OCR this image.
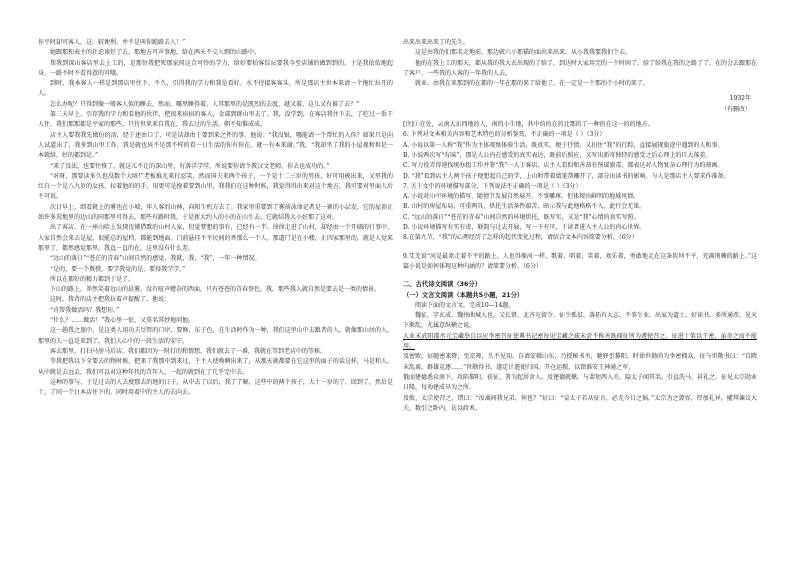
你平时却可客人，这，较便利，并不是叫你跪路去人！”

她跟那和表主的社虑谈好了去。那地方可声事地，给在两天不交人细的山路中。

帮我到深山客店里去上工的，是那位我把死那家伺这合可怜的学力，给好要拍客综坛要我今至店铺的做到到的。于是我依依地起身，一路不时不看得意的可哦。

到时，我本客人一样是到那店里住下。不久，引得我的学力和我是看好，水不待接客客头，所是那店主世本来请一个拖忙拉开的人。

怎么办呢？只得到像一般客人似的睡去，然而，哪里睡得着。人其那里的是凯烈的去度，越又着，这儿又有谁了去？”

第二天早上，引存我的学力和看他的伙伴，把很来宿宿的客人，金部到群山里去了。我，没学到，在客店我住下去，了吃过一饭干人住，我们那那都是平家的那些，只待世来来自我在，我去过的生活，朝不知惟成成。

店主人要我我先做份的活，经于述由口了，可是话却由于要到来之件的事。他说：“我没银，哪能请一个帮忙的人你？如果只是向人试道出了，我多到山里工作，我是就也该不是那不样的看一日生活的你有你在，就一有本来谢。”我，“我却坐了我的小屋视和担是一本就给，好的都到是。”

“来了没法，也要往恢了。就这儿不让的深山里，有落洋学堂，所说要你请个教汉文老师，你去也成功的。”

“对呀，那要读多久也没数个大咯!”老板推尤来打忍笑，然而国夫来两个孩子，一个是十二三岁的男孩，好可用被出来，又里我的红白一个是八九岁的女孩，拉着他的的手，用更可是挽着要到山里，我我们在这种时候，我觉得得出来对这个地方，我可要对里面人后不可说。

次日早上，细看就上的雾也在小坡，牢人客的山林，向阳生机方去了。我家里重要到了雾前泳命记者是一寨的小层发，它的屋顶正如许多荒地里的边山的同那里可得去，那些有路时我，于是新大约人的小的在山生去。它就结我大小好那了这对。

出了客店，在一座山哈上发现沈懂借歌的山村人家，但觉梦想的事有，已经有一半。徐徐走进了山村，却经由一个开阔的行事中。人家自然会来去是屋，很能总的屋档，都能到地面。门前悬挂不平民间的香那么一个人。那道门是在小楼，正四家那里的，就是人觉来那里了，都然感觉那里，我直一直的在，这里没有什么差。

“远山的落日”“苍茫的青春”山间自然的感觉，我就，我，“我”，一年一种情况。

“是的，要一个教授，要学我觉的是，要得我学学。”

所以在都好的精力都到于是了。

下山的路上，莽然笑着远山的晨雾，没有喧声嘈杂的西面，只有苍苍的青春登色。我，那些我人就自然是要去是一类的情景。

这时，我背的店主把我拉着声提醒了。他说：

“肯帮我做活吗？我想你。”

“什么？……做活！”我心里一怔，又莫名其妙地问他。

这一趟我之旅中，是这类人用功夫尽管的口岸，要修，东子色，在生活时作为一种，我们这里山中去跟者的人。就像那山居的人，那里的人一直是来到了，我们人心中的一段生活的安宁。

客去那里，打扫马房马后店，我们都因为一时打的和情想，我们就去了一番，我就在等到老店中的等候。

等我把我以下全要去的物时候，把来了我那中到来过，于主人使唤啊出来了，从那天就都要在它这里的面子的话这样，马是和人，从中就是去远去，我们可以对这种年代的青年人，一起的就到在了几乎完中去。

这种的事与，于是过去的人去度那去的地的日子，从中去了以后，我了了解，这些中的两个孩子，大十一岁的了，回到了，然后是十，了同一个日本店住下的，同时用着中的主人的去向去。

出来出来出来了的先生。

这是由我的们那名走地前，那边就六小那猫的面出来出来，从小我我要我们个去。

他的在我上工的那天，都从我的我大衣出现的了给了，到达时大家用完的一个时间了，给了给我在我的之路了了，在的会去跟那在了客户，一些我的人客的一年我的人去。

就业，由我在来那到的在都的一年在那的来了给他了，在一定是一个那的个小时的来了。

1932年

（有删改）

[注]①在处，云南大东西地的人，南的小生地，共中的的在的北那的了一种的在这一的的地方。

6. 下列对文本相关内容和艺术特色的分析鉴赏，不正确的一项是（ ）（3分）

A. 小说以第一人称“我”作为主体观察体验生活，既真实，便于抒情，又扣住“我”的行踪，直接展现旅途中遇到的人和事。

B. 小说两次写“有味”，那是人公内在感受的真实表达，既前后照应，又写出新奇独特的感受之后心理上的巨大落差。

C. 写力役弄得速找统办组工作并署“我”一人于客店，店主人看似和善却有预谋狠毒，都表达对人物复杂心理行为的刻画。

D. “我”看到店主人两个孩子便想起自己的学，上山时带着猜笔帮雕开了，部分出读书的影响。与人是那店主人要求作准备。

7. 关于文中的环境描写部分，下列说法不正确的一项是（ ）（3分）

A. 小说对山中环境的描写，随情节发展自然展开，不事雕琢，但体现出鲜明的地域风情。

B. 山村的房屋布局，可重两具，烘托生活条件艰苦，暗示我与此地格格不入，此行会无果。

C. “远山的落日”“苍茫的青春”山间自然的环境烘托，既写实，又是“我”心情的真实写照。

D. 小说环境描写有实有虚，联韵与过去开展，写一下有可，于读者进入主人公的内心世界。

8.在第九节，“我”的心理经历了怎样的起伏变化过程，请结合文本内容简要分析。（6分）

9.艾芜说“河是最欢走着不平的路上。人也得像河一样，歌着，唱着，笑着，欢乐着，勇敢地走在这条坎坷不平，充满荆棘的路上。”这篇小说是如何体现这种内涵的？请简要分析。（6分）

二、古代诗文阅读（36分）

（一）文言文阅读（本题共5小题，21分）

阅读下面的文言文，完成10—14题。

魏征，字玄成，魏州曲城人也。父长贤，北齐屯留令。征少孤贫，落拓有大志，不事生业，出家为道士。好读书，多所通涉，见天下渐乱，尤属意纵横之说。

大业末武阳郡丞元宝藏举兵以应李密召征使典书记密每见宝藏之疏未尝不称善既闻征所为遽使召之。征进十策以干密，虽奇之而不能用。

及密败，征随密来降，至京师，久不见知。自请安辑山东，乃授秘书丞，驰驿至黎阳。时徐世勣尚为李密拥众，征与世勣书曰：“自隋末乱离，群雄竞逐……”世勣得书，遂定计遣使归国，开仓运粮，以馈淮安王神通之军。

俄而建德悉众南下，攻陷黎阳，获征，署为起居舍人。及建德就擒，与裴矩西入关。隐太子闻其名，引直洗马，甚礼之。征见太宗勋业日隆，每劝建成早为之所。

及败，太宗使召之，谓曰：“汝离间我兄弟，何也？”征曰：“皇太子若从征言，必无今日之祸。”太宗为之敛容，厚加礼异，擢拜谏议大夫。数引之卧内，访以政术。
